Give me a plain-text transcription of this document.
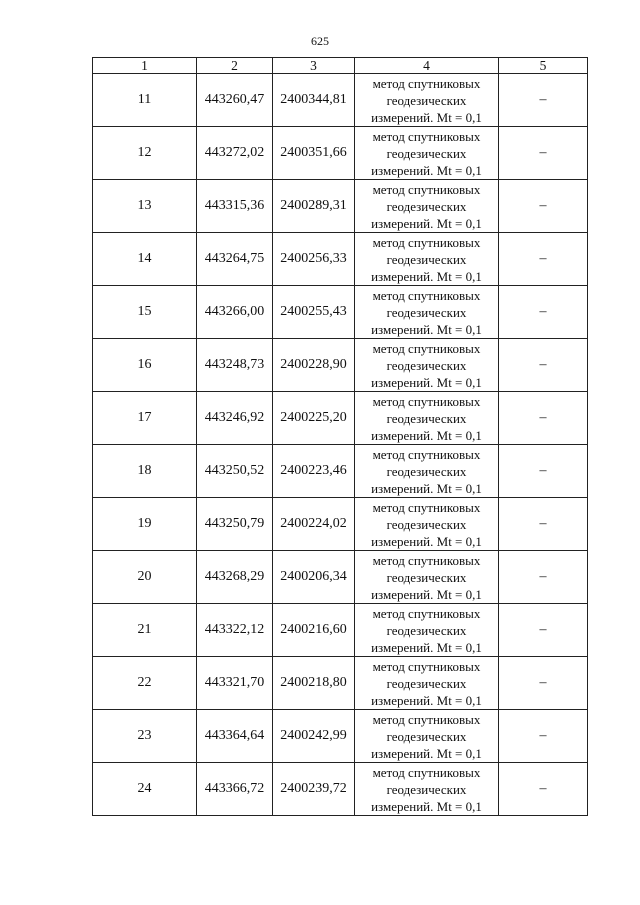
625
1	2	3	4	5
11	443260,47	2400344,81	метод спутниковых
геодезических
измерений. Mt = 0,1	–
12	443272,02	2400351,66	метод спутниковых
геодезических
измерений. Mt = 0,1	–
13	443315,36	2400289,31	метод спутниковых
геодезических
измерений. Mt = 0,1	–
14	443264,75	2400256,33	метод спутниковых
геодезических
измерений. Mt = 0,1	–
15	443266,00	2400255,43	метод спутниковых
геодезических
измерений. Mt = 0,1	–
16	443248,73	2400228,90	метод спутниковых
геодезических
измерений. Mt = 0,1	–
17	443246,92	2400225,20	метод спутниковых
геодезических
измерений. Mt = 0,1	–
18	443250,52	2400223,46	метод спутниковых
геодезических
измерений. Mt = 0,1	–
19	443250,79	2400224,02	метод спутниковых
геодезических
измерений. Mt = 0,1	–
20	443268,29	2400206,34	метод спутниковых
геодезических
измерений. Mt = 0,1	–
21	443322,12	2400216,60	метод спутниковых
геодезических
измерений. Mt = 0,1	–
22	443321,70	2400218,80	метод спутниковых
геодезических
измерений. Mt = 0,1	–
23	443364,64	2400242,99	метод спутниковых
геодезических
измерений. Mt = 0,1	–
24	443366,72	2400239,72	метод спутниковых
геодезических
измерений. Mt = 0,1	–
